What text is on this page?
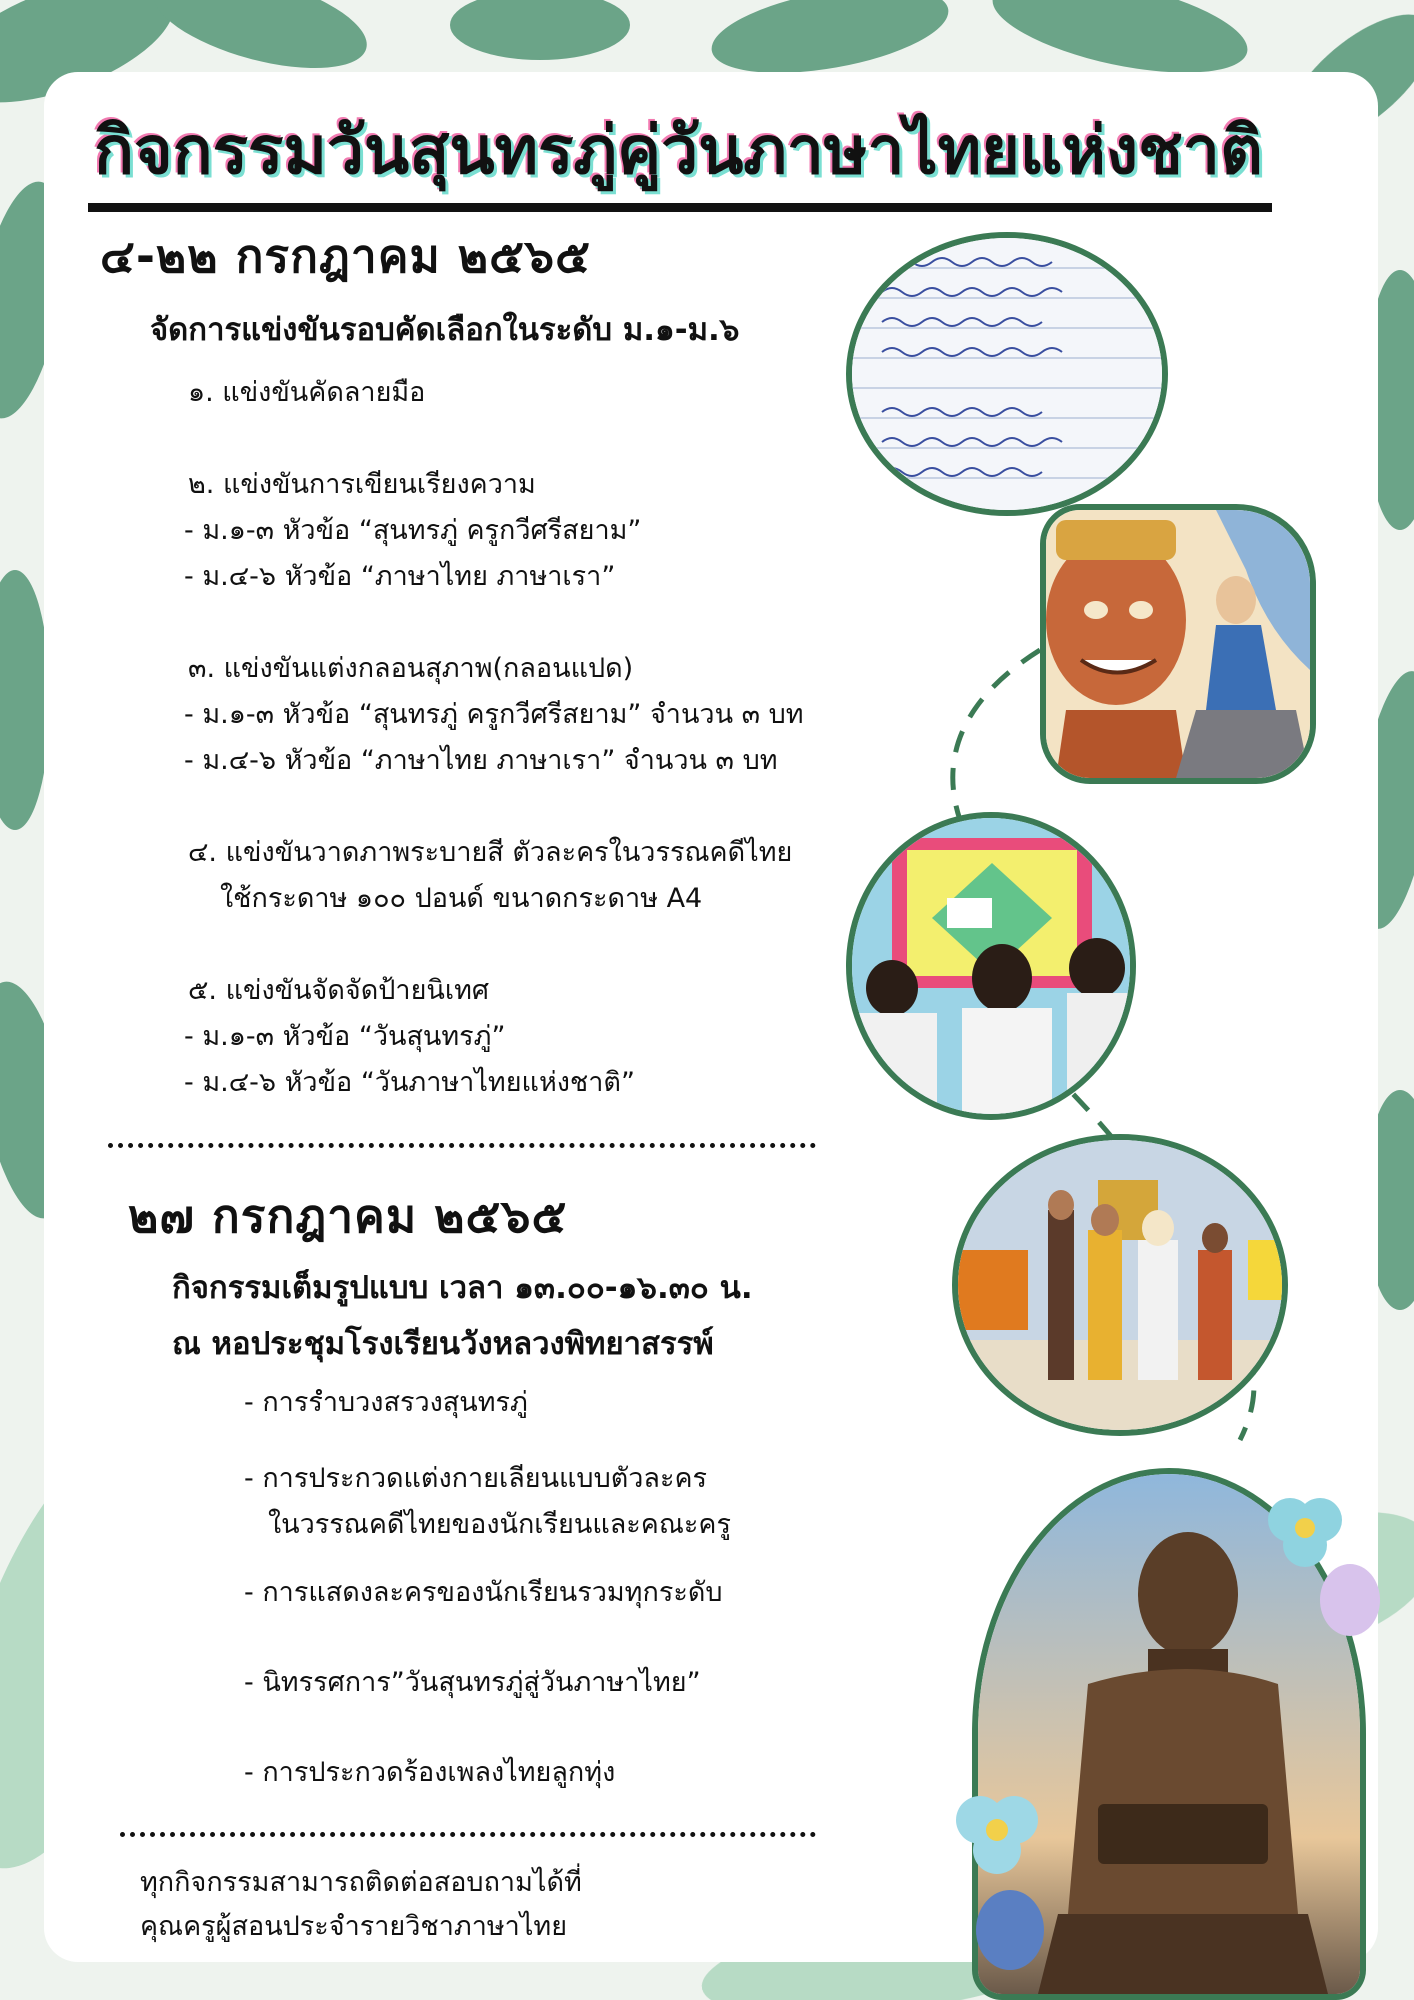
กิจกรรมวันสุนทรภู่คู่วันภาษาไทยแห่งชาติ
๔-๒๒ กรกฎาคม ๒๕๖๕
จัดการแข่งขันรอบคัดเลือกในระดับ ม.๑-ม.๖
๑. แข่งขันคัดลายมือ
๒. แข่งขันการเขียนเรียงความ
- ม.๑-๓ หัวข้อ “สุนทรภู่ ครูกวีศรีสยาม”
- ม.๔-๖ หัวข้อ “ภาษาไทย ภาษาเรา”
๓. แข่งขันแต่งกลอนสุภาพ(กลอนแปด)
- ม.๑-๓ หัวข้อ “สุนทรภู่ ครูกวีศรีสยาม” จำนวน ๓ บท
- ม.๔-๖ หัวข้อ “ภาษาไทย ภาษาเรา” จำนวน ๓ บท
๔. แข่งขันวาดภาพระบายสี ตัวละครในวรรณคดีไทย
ใช้กระดาษ ๑๐๐ ปอนด์ ขนาดกระดาษ A4
๕. แข่งขันจัดจัดป้ายนิเทศ
- ม.๑-๓ หัวข้อ “วันสุนทรภู่”
- ม.๔-๖ หัวข้อ “วันภาษาไทยแห่งชาติ”
๒๗ กรกฎาคม ๒๕๖๕
กิจกรรมเต็มรูปแบบ เวลา ๑๓.๐๐-๑๖.๓๐ น.
ณ หอประชุมโรงเรียนวังหลวงพิทยาสรรพ์
- การรำบวงสรวงสุนทรภู่
- การประกวดแต่งกายเลียนแบบตัวละคร
ในวรรณคดีไทยของนักเรียนและคณะครู
- การแสดงละครของนักเรียนรวมทุกระดับ
- นิทรรศการ”วันสุนทรภู่สู่วันภาษาไทย”
- การประกวดร้องเพลงไทยลูกทุ่ง
ทุกกิจกรรมสามารถติดต่อสอบถามได้ที่
คุณครูผู้สอนประจำรายวิชาภาษาไทย
